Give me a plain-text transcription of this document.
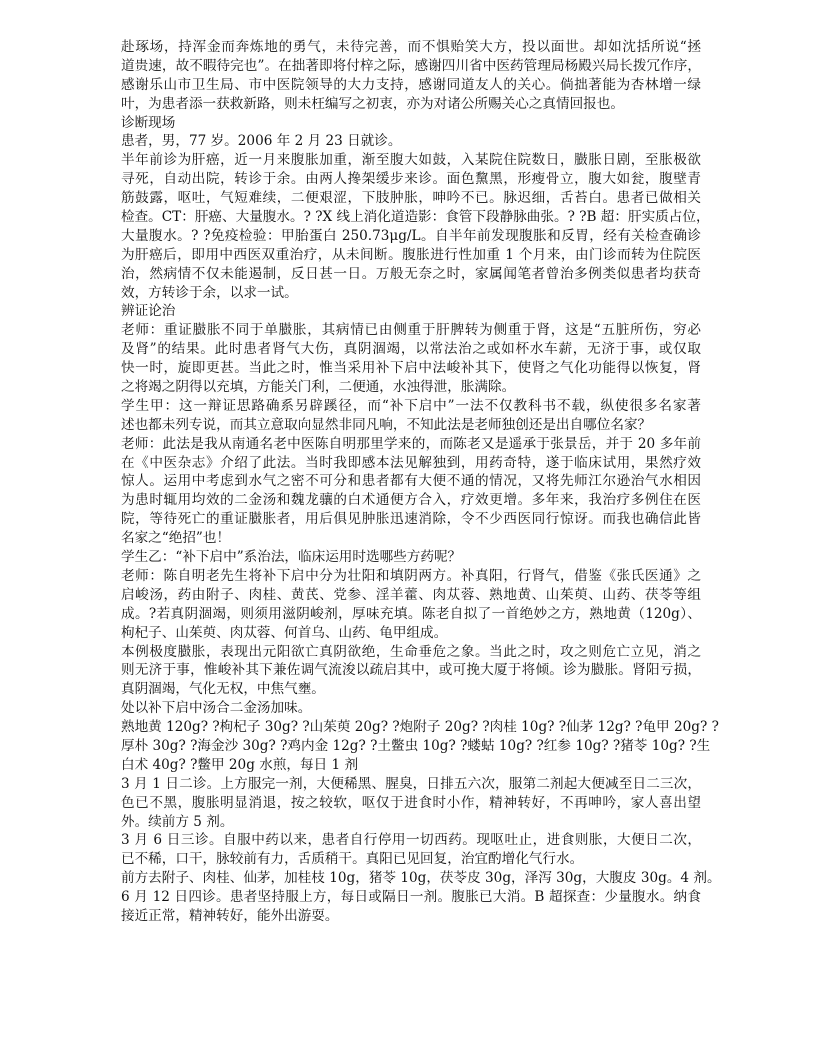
赴琢场，持浑金而奔炼地的勇气，未待完善，而不惧贻笑大方，投以面世。却如沈括所说“拯
道贵速，故不暇待完也”。在拙著即将付梓之际，感谢四川省中医药管理局杨殿兴局长拨冗作序，
感谢乐山市卫生局、市中医院领导的大力支持，感谢同道友人的关心。倘拙著能为杏林增一绿
叶，为患者添一获救新路，则未枉编写之初衷，亦为对诸公所赐关心之真情回报也。
诊断现场
患者，男，77 岁。2006 年 2 月 23 日就诊。
半年前诊为肝癌，近一月来腹胀加重，渐至腹大如鼓，入某院住院数日，臌胀日剧，至胀极欲
寻死，自动出院，转诊于余。由两人搀架缓步来诊。面色黧黑，形瘦骨立，腹大如瓮，腹壁青
筋鼓露，呕吐，气短难续，二便艰涩，下肢肿胀，呻吟不已。脉迟细，舌苔白。患者已做相关
检查。CT：肝癌、大量腹水。? ?X 线上消化道造影：食管下段静脉曲张。? ?B 超：肝实质占位，
大量腹水。? ?免疫检验：甲胎蛋白 250.73μg/L。自半年前发现腹胀和反胃，经有关检查确诊
为肝癌后，即用中西医双重治疗，从未间断。腹胀进行性加重 1 个月来，由门诊而转为住院医
治，然病情不仅未能遏制，反日甚一日。万般无奈之时，家属闻笔者曾治多例类似患者均获奇
效，方转诊于余，以求一试。
辨证论治
老师：重证臌胀不同于单臌胀，其病情已由侧重于肝脾转为侧重于肾，这是“五脏所伤，穷必
及肾”的结果。此时患者肾气大伤，真阴涸竭，以常法治之或如杯水车薪，无济于事，或仅取
快一时，旋即更甚。当此之时，惟当采用补下启中法峻补其下，使肾之气化功能得以恢复，肾
之将竭之阴得以充填，方能关门利，二便通，水浊得泄，胀满除。
学生甲：这一辩证思路确系另辟蹊径，而“补下启中”一法不仅教科书不载，纵使很多名家著
述也都未列专说，而其立意取向显然非同凡响，不知此法是老师独创还是出自哪位名家？
老师：此法是我从南通名老中医陈自明那里学来的，而陈老又是遥承于张景岳，并于 20 多年前
在《中医杂志》介绍了此法。当时我即感本法见解独到，用药奇特，遂于临床试用，果然疗效
惊人。运用中考虑到水气之密不可分和患者都有大便不通的情况，又将先师江尔逊治气水相因
为患时辄用均效的二金汤和魏龙骧的白术通便方合入，疗效更增。多年来，我治疗多例住在医
院，等待死亡的重证臌胀者，用后俱见肿胀迅速消除，令不少西医同行惊讶。而我也确信此皆
名家之“绝招”也！
学生乙：“补下启中”系治法，临床运用时选哪些方药呢？
老师：陈自明老先生将补下启中分为壮阳和填阴两方。补真阳，行肾气，借鉴《张氏医通》之
启峻汤，药由附子、肉桂、黄芪、党参、淫羊藿、肉苁蓉、熟地黄、山茱萸、山药、茯苓等组
成。?若真阴涸竭，则须用滋阴峻剂，厚味充填。陈老自拟了一首绝妙之方，熟地黄（120g）、
枸杞子、山茱萸、肉苁蓉、何首乌、山药、龟甲组成。
本例极度臌胀，表现出元阳欲亡真阴欲绝，生命垂危之象。当此之时，攻之则危亡立见，消之
则无济于事，惟峻补其下兼佐调气流浚以疏启其中，或可挽大厦于将倾。诊为臌胀。肾阳亏损，
真阴涸竭，气化无权，中焦气壅。
处以补下启中汤合二金汤加味。
熟地黄 120g? ?枸杞子 30g? ?山茱萸 20g? ?炮附子 20g? ?肉桂 10g? ?仙茅 12g? ?龟甲 20g? ?
厚朴 30g? ?海金沙 30g? ?鸡内金 12g? ?土鳖虫 10g? ?蝼蛄 10g? ?红参 10g? ?猪苓 10g? ?生
白术 40g? ?鳖甲 20g 水煎，每日 1 剂
3 月 1 日二诊。上方服完一剂，大便稀黑、腥臭，日排五六次，服第二剂起大便减至日二三次，
色已不黑，腹胀明显消退，按之较软，呕仅于进食时小作，精神转好，不再呻吟，家人喜出望
外。续前方 5 剂。
3 月 6 日三诊。自服中药以来，患者自行停用一切西药。现呕吐止，进食则胀，大便日二次，
已不稀，口干，脉较前有力，舌质稍干。真阳已见回复，治宜酌增化气行水。
前方去附子、肉桂、仙茅，加桂枝 10g，猪苓 10g，茯苓皮 30g，泽泻 30g，大腹皮 30g。4 剂。
6 月 12 日四诊。患者坚持服上方，每日或隔日一剂。腹胀已大消。B 超探查：少量腹水。纳食
接近正常，精神转好，能外出游耍。
